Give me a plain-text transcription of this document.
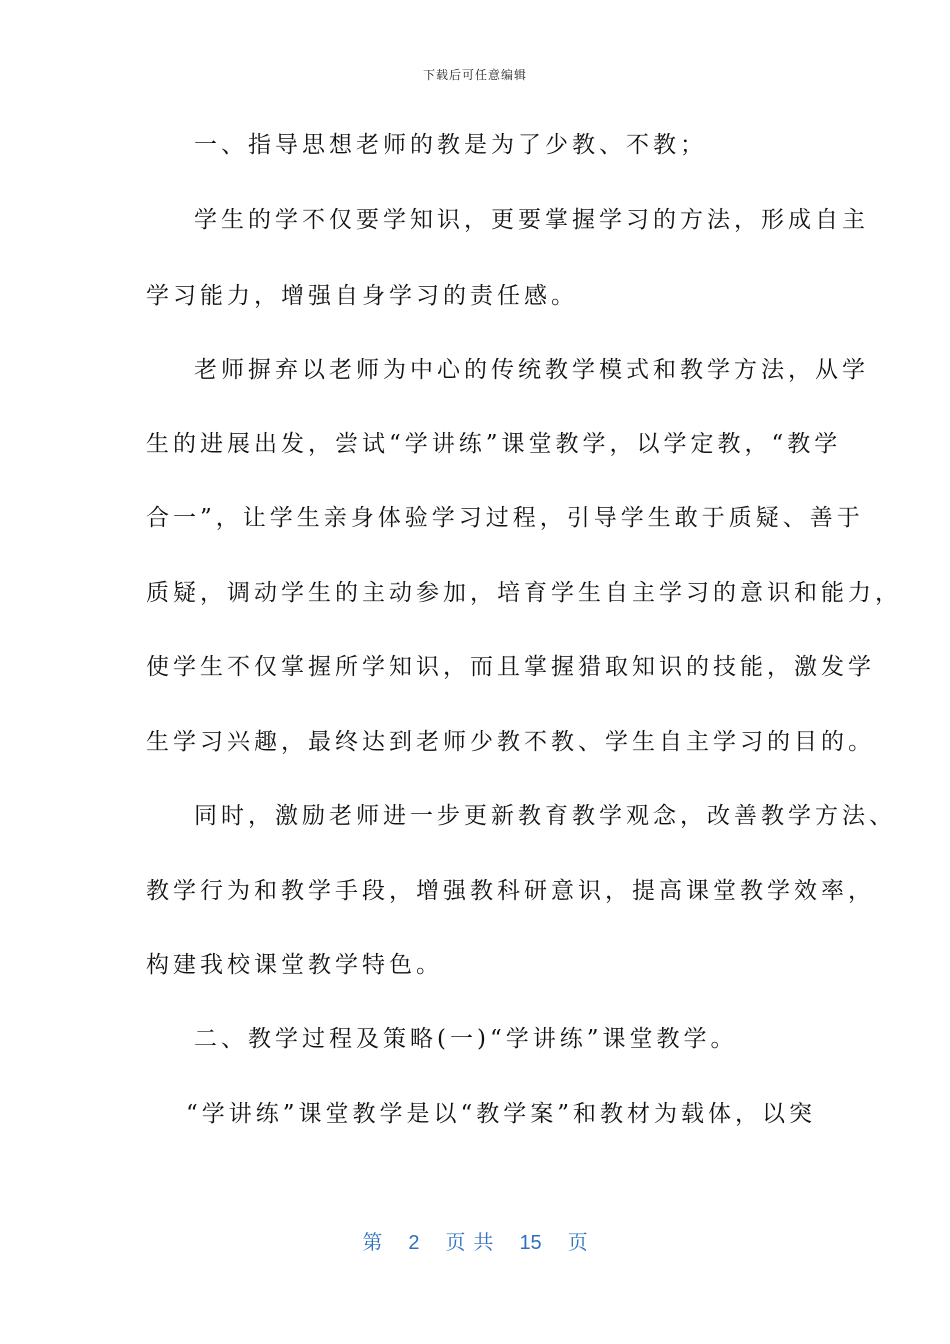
下载后可任意编辑
一、指导思想老师的教是为了少教、不教；
学生的学不仅要学知识，更要掌握学习的方法，形成自主
学习能力，增强自身学习的责任感。
老师摒弃以老师为中心的传统教学模式和教学方法，从学
生的进展出发，尝试“学讲练”课堂教学，以学定教，“教学
合一”，让学生亲身体验学习过程，引导学生敢于质疑、善于
质疑，调动学生的主动参加，培育学生自主学习的意识和能力，
使学生不仅掌握所学知识，而且掌握猎取知识的技能，激发学
生学习兴趣，最终达到老师少教不教、学生自主学习的目的。
同时，激励老师进一步更新教育教学观念，改善教学方法、
教学行为和教学手段，增强教科研意识，提高课堂教学效率，
构建我校课堂教学特色。
二、教学过程及策略(一)“学讲练”课堂教学。
“学讲练”课堂教学是以“教学案”和教材为载体，以突
第 2 页共 15 页
